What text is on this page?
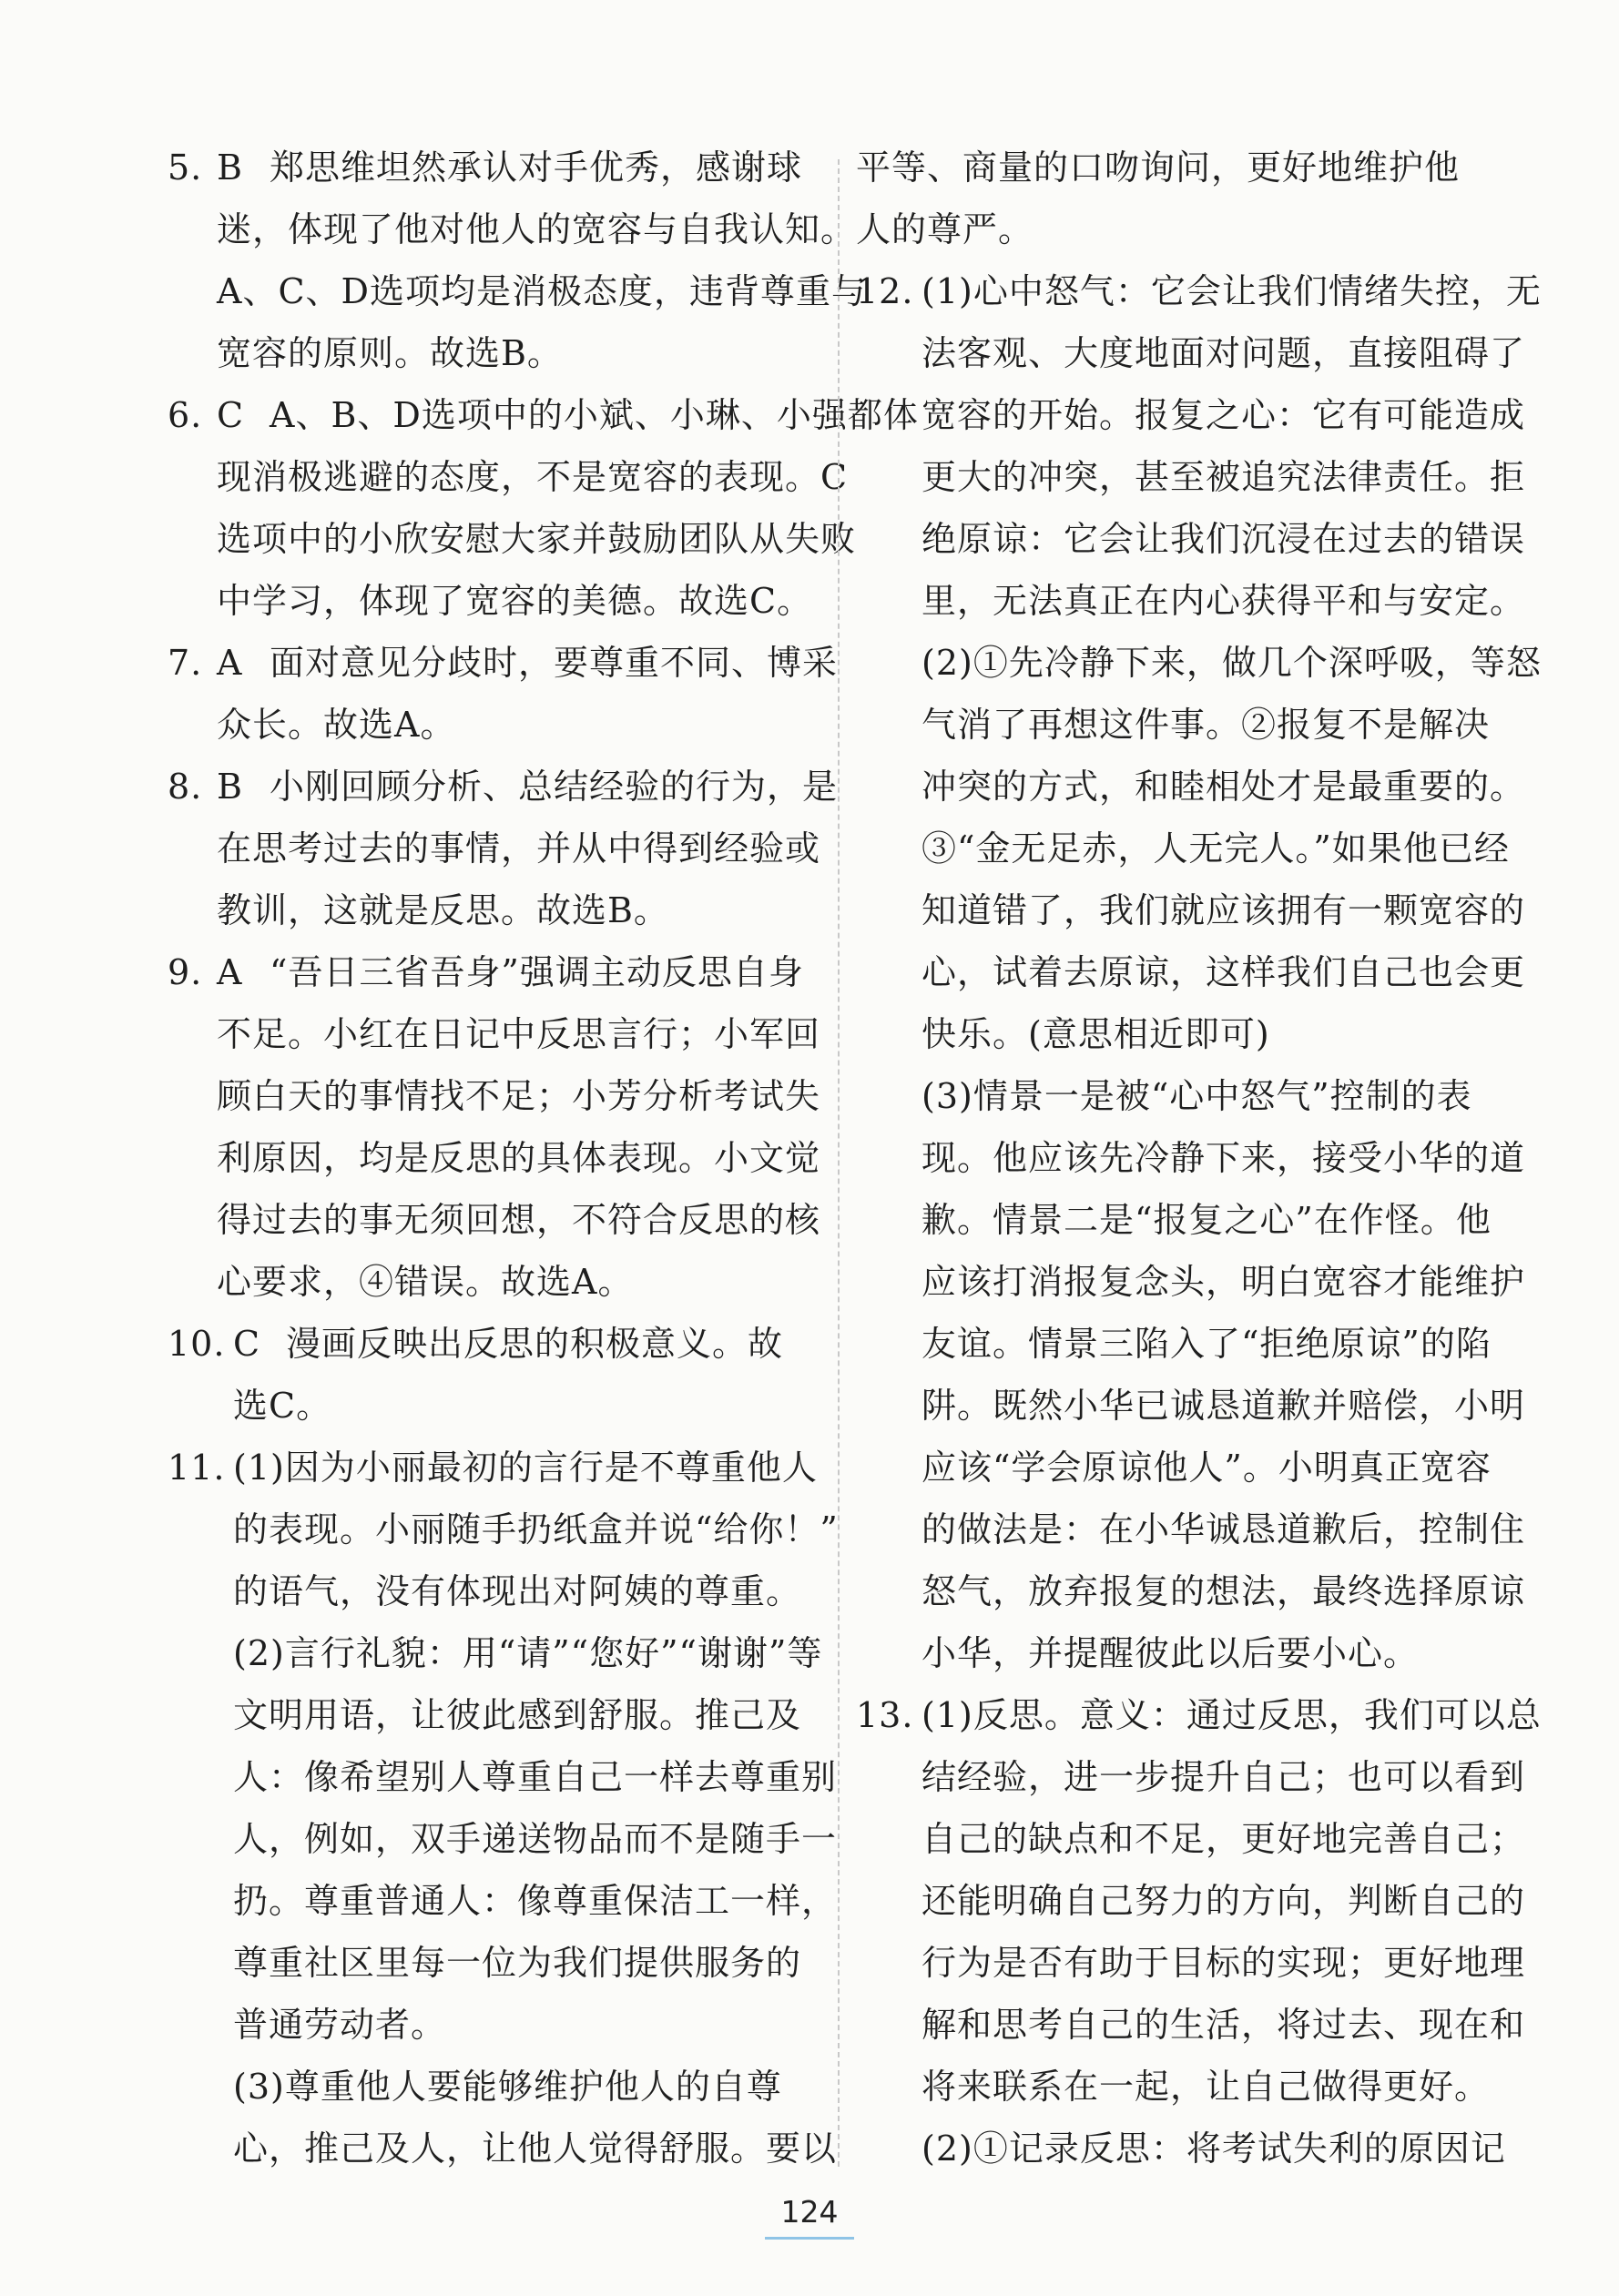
5. B 郑思维坦然承认对手优秀，感谢球
迷，体现了他对他人的宽容与自我认知。
A、C、D选项均是消极态度，违背尊重与
宽容的原则。故选B。
6. C A、B、D选项中的小斌、小琳、小强都体
现消极逃避的态度，不是宽容的表现。C
选项中的小欣安慰大家并鼓励团队从失败
中学习，体现了宽容的美德。故选C。
7. A 面对意见分歧时，要尊重不同、博采
众长。故选A。
8. B 小刚回顾分析、总结经验的行为，是
在思考过去的事情，并从中得到经验或
教训，这就是反思。故选B。
9. A “吾日三省吾身”强调主动反思自身
不足。小红在日记中反思言行；小军回
顾白天的事情找不足；小芳分析考试失
利原因，均是反思的具体表现。小文觉
得过去的事无须回想，不符合反思的核
心要求，④错误。故选A。
10. C 漫画反映出反思的积极意义。故
选C。
11. (1)因为小丽最初的言行是不尊重他人
的表现。小丽随手扔纸盒并说“给你！”
的语气，没有体现出对阿姨的尊重。
(2)言行礼貌：用“请”“您好”“谢谢”等
文明用语，让彼此感到舒服。推己及
人：像希望别人尊重自己一样去尊重别
人，例如，双手递送物品而不是随手一
扔。尊重普通人：像尊重保洁工一样，
尊重社区里每一位为我们提供服务的
普通劳动者。
(3)尊重他人要能够维护他人的自尊
心，推己及人，让他人觉得舒服。要以
平等、商量的口吻询问，更好地维护他
人的尊严。
12. (1)心中怒气：它会让我们情绪失控，无
法客观、大度地面对问题，直接阻碍了
宽容的开始。报复之心：它有可能造成
更大的冲突，甚至被追究法律责任。拒
绝原谅：它会让我们沉浸在过去的错误
里，无法真正在内心获得平和与安定。
(2)①先冷静下来，做几个深呼吸，等怒
气消了再想这件事。②报复不是解决
冲突的方式，和睦相处才是最重要的。
③“金无足赤，人无完人。”如果他已经
知道错了，我们就应该拥有一颗宽容的
心，试着去原谅，这样我们自己也会更
快乐。(意思相近即可)
(3)情景一是被“心中怒气”控制的表
现。他应该先冷静下来，接受小华的道
歉。情景二是“报复之心”在作怪。他
应该打消报复念头，明白宽容才能维护
友谊。情景三陷入了“拒绝原谅”的陷
阱。既然小华已诚恳道歉并赔偿，小明
应该“学会原谅他人”。小明真正宽容
的做法是：在小华诚恳道歉后，控制住
怒气，放弃报复的想法，最终选择原谅
小华，并提醒彼此以后要小心。
13. (1)反思。意义：通过反思，我们可以总
结经验，进一步提升自己；也可以看到
自己的缺点和不足，更好地完善自己；
还能明确自己努力的方向，判断自己的
行为是否有助于目标的实现；更好地理
解和思考自己的生活，将过去、现在和
将来联系在一起，让自己做得更好。
(2)①记录反思：将考试失利的原因记
124
